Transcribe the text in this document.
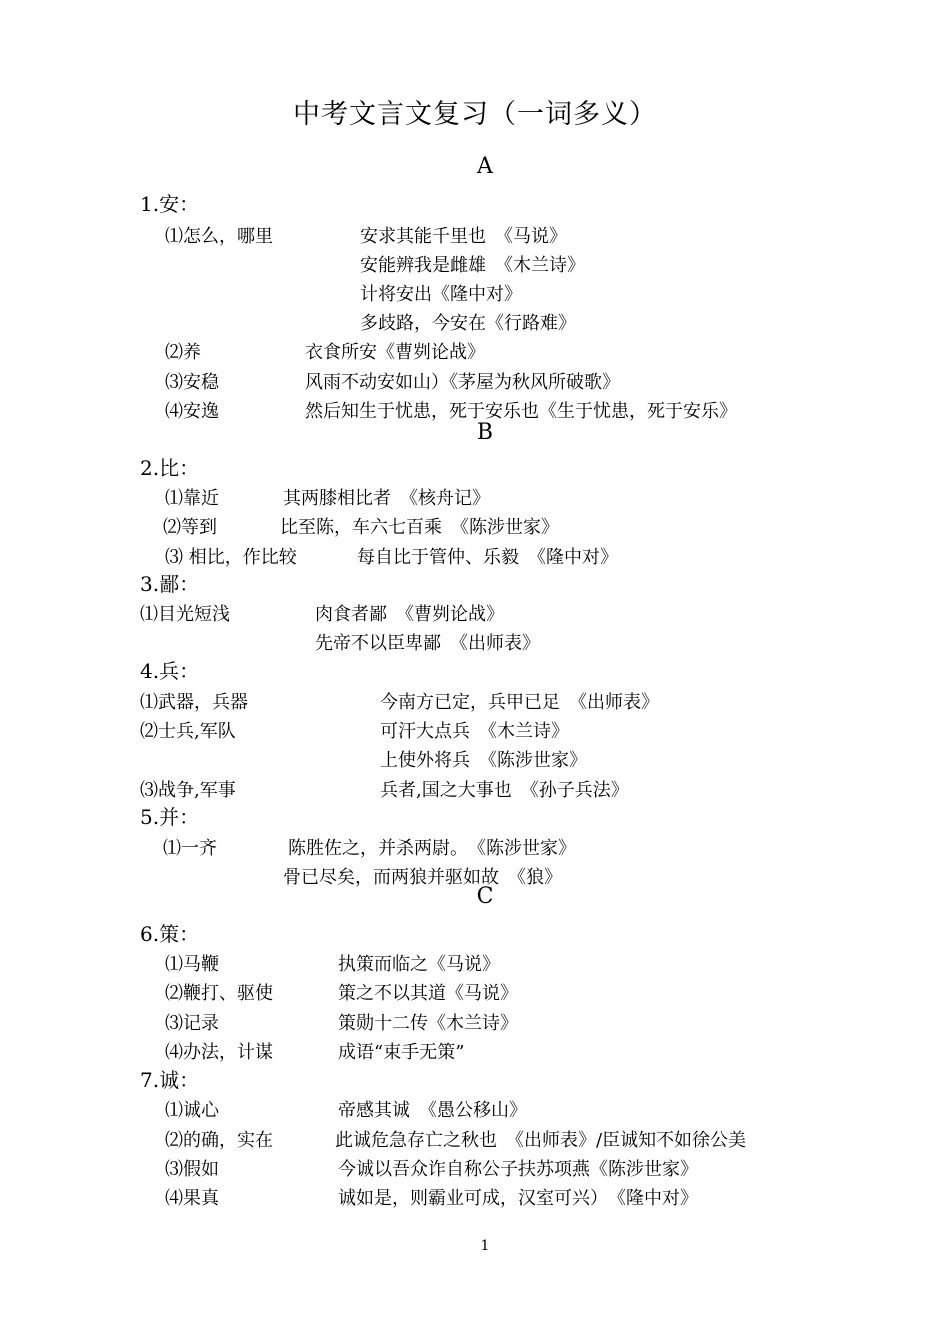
中考文言文复习（一词多义）
A
1.安：
⑴怎么，哪里	安求其能千里也　《马说》
安能辨我是雌雄　《木兰诗》
计将安出《隆中对》
多歧路，今安在《行路难》
⑵养	衣食所安《曹刿论战》
⑶安稳	风雨不动安如山）《茅屋为秋风所破歌》
⑷安逸	然后知生于忧患，死于安乐也《生于忧患，死于安乐》
B
2.比：
⑴靠近	其两膝相比者　《核舟记》
⑵等到	比至陈，车六七百乘　《陈涉世家》
⑶ 相比，作比较	每自比于管仲、乐毅　《隆中对》
3.鄙：
⑴目光短浅	肉食者鄙　《曹刿论战》
先帝不以臣卑鄙　《出师表》
4.兵：
⑴武器，兵器	今南方已定，兵甲已足　《出师表》
⑵士兵,军队	可汗大点兵　《木兰诗》
上使外将兵　《陈涉世家》
⑶战争,军事	兵者,国之大事也　《孙子兵法》
5.并：
⑴一齐	陈胜佐之，并杀两尉。　《陈涉世家》
骨已尽矣，而两狼并驱如故　《狼》
C
6.策：
⑴马鞭	执策而临之《马说》
⑵鞭打、驱使	策之不以其道《马说》
⑶记录	策勋十二传《木兰诗》
⑷办法，计谋	成语“束手无策”
7.诚：
⑴诚心	帝感其诚　《愚公移山》
⑵的确，实在	此诚危急存亡之秋也　《出师表》/臣诚知不如徐公美
⑶假如	今诚以吾众诈自称公子扶苏项燕《陈涉世家》
⑷果真	诚如是，则霸业可成，汉室可兴）　《隆中对》
1
